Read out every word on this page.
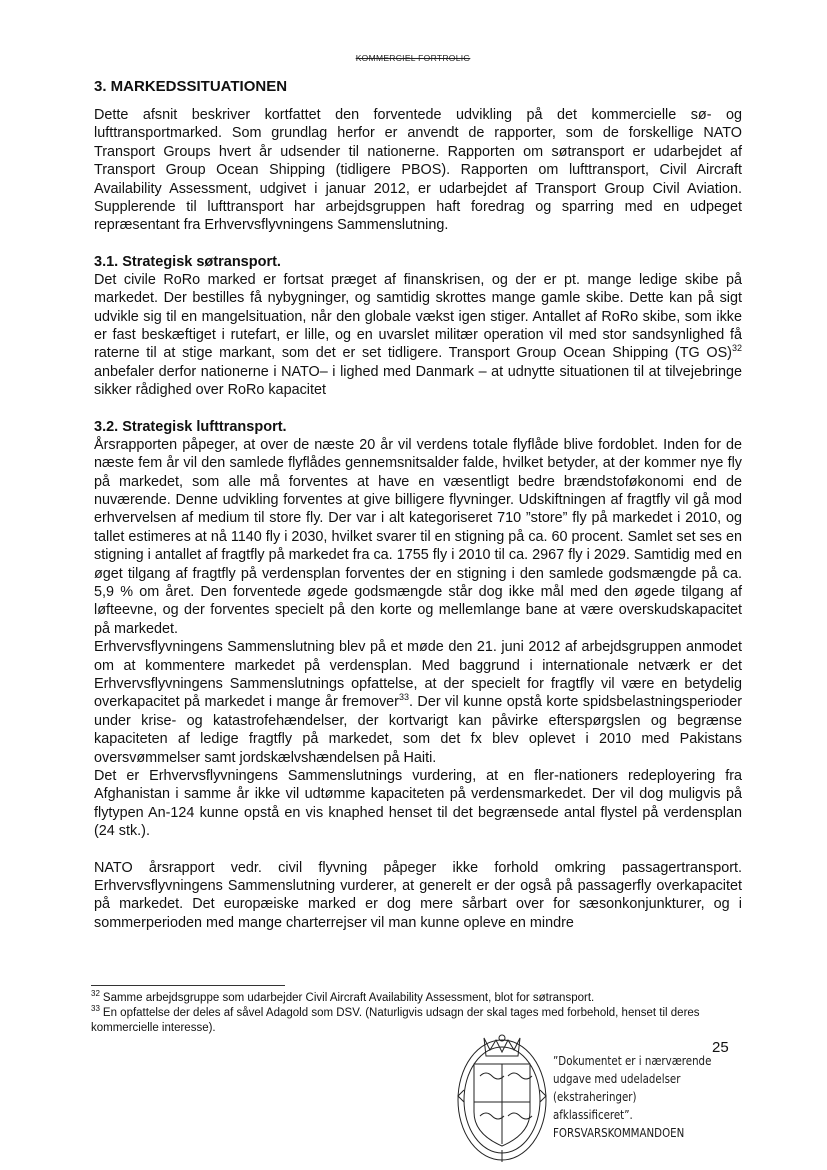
KOMMERCIEL FORTROLIG
3. MARKEDSSITUATIONEN

Dette afsnit beskriver kortfattet den forventede udvikling på det kommercielle sø- og lufttransportmarked. Som grundlag herfor er anvendt de rapporter, som de forskellige NATO Transport Groups hvert år udsender til nationerne. Rapporten om søtransport er udarbejdet af Transport Group Ocean Shipping (tidligere PBOS). Rapporten om lufttransport, Civil Aircraft Availability Assessment, udgivet i januar 2012, er udarbejdet af Transport Group Civil Aviation. Supplerende til lufttransport har arbejdsgruppen haft foredrag og sparring med en udpeget repræsentant fra Erhvervsflyvningens Sammenslutning.

3.1. Strategisk søtransport.

Det civile RoRo marked er fortsat præget af finanskrisen, og der er pt. mange ledige skibe på markedet. Der bestilles få nybygninger, og samtidig skrottes mange gamle skibe. Dette kan på sigt udvikle sig til en mangelsituation, når den globale vækst igen stiger. Antallet af RoRo skibe, som ikke er fast beskæftiget i rutefart, er lille, og en uvarslet militær operation vil med stor sandsynlighed få raterne til at stige markant, som det er set tidligere. Transport Group Ocean Shipping (TG OS)$^{32}$ anbefaler derfor nationerne i NATO– i lighed med Danmark – at udnytte situationen til at tilvejebringe sikker rådighed over RoRo kapacitet

3.2. Strategisk lufttransport.

Årsrapporten påpeger, at over de næste 20 år vil verdens totale flyflåde blive fordoblet. Inden for de næste fem år vil den samlede flyflådes gennemsnitsalder falde, hvilket betyder, at der kommer nye fly på markedet, som alle må forventes at have en væsentligt bedre brændstoføkonomi end de nuværende. Denne udvikling forventes at give billigere flyvninger. Udskiftningen af fragtfly vil gå mod erhvervelsen af medium til store fly. Der var i alt kategoriseret 710 ”store” fly på markedet i 2010, og tallet estimeres at nå 1140 fly i 2030, hvilket svarer til en stigning på ca. 60 procent. Samlet set ses en stigning i antallet af fragtfly på markedet fra ca. 1755 fly i 2010 til ca. 2967 fly i 2029. Samtidig med en øget tilgang af fragtfly på verdensplan forventes der en stigning i den samlede godsmængde på ca. 5,9 % om året. Den forventede øgede godsmængde står dog ikke mål med den øgede tilgang af løfteevne, og der forventes specielt på den korte og mellemlange bane at være overskudskapacitet på markedet.

Erhvervsflyvningens Sammenslutning blev på et møde den 21. juni 2012 af arbejdsgruppen anmodet om at kommentere markedet på verdensplan. Med baggrund i internationale netværk er det Erhvervsflyvningens Sammenslutnings opfattelse, at der specielt for fragtfly vil være en betydelig overkapacitet på markedet i mange år fremover$^{33}$. Der vil kunne opstå korte spidsbelastningsperioder under krise- og katastrofehændelser, der kortvarigt kan påvirke efterspørgslen og begrænse kapaciteten af ledige fragtfly på markedet, som det fx blev oplevet i 2010 med Pakistans oversvømmelser samt jordskælvshændelsen på Haiti.

Det er Erhvervsflyvningens Sammenslutnings vurdering, at en fler-nationers redeployering fra Afghanistan i samme år ikke vil udtømme kapaciteten på verdensmarkedet. Der vil dog muligvis på flytypen An-124 kunne opstå en vis knaphed henset til det begrænsede antal flystel på verdensplan (24 stk.).

NATO årsrapport vedr. civil flyvning påpeger ikke forhold omkring passagertransport. Erhvervsflyvningens Sammenslutning vurderer, at generelt er der også på passagerfly overkapacitet på markedet. Det europæiske marked er dog mere sårbart over for sæsonkonjunkturer, og i sommerperioden med mange charterrejser vil man kunne opleve en mindre

$^{32}$ Samme arbejdsgruppe som udarbejder Civil Aircraft Availability Assessment, blot for søtransport.
$^{33}$ En opfattelse der deles af såvel Adagold som DSV. (Naturligvis udsagn der skal tages med forbehold, henset til deres kommercielle interesse).
25
”Dokumentet er i nærværende
udgave med udeladelser
(ekstraheringer) afklassificeret”.
FORSVARSKOMMANDOEN
